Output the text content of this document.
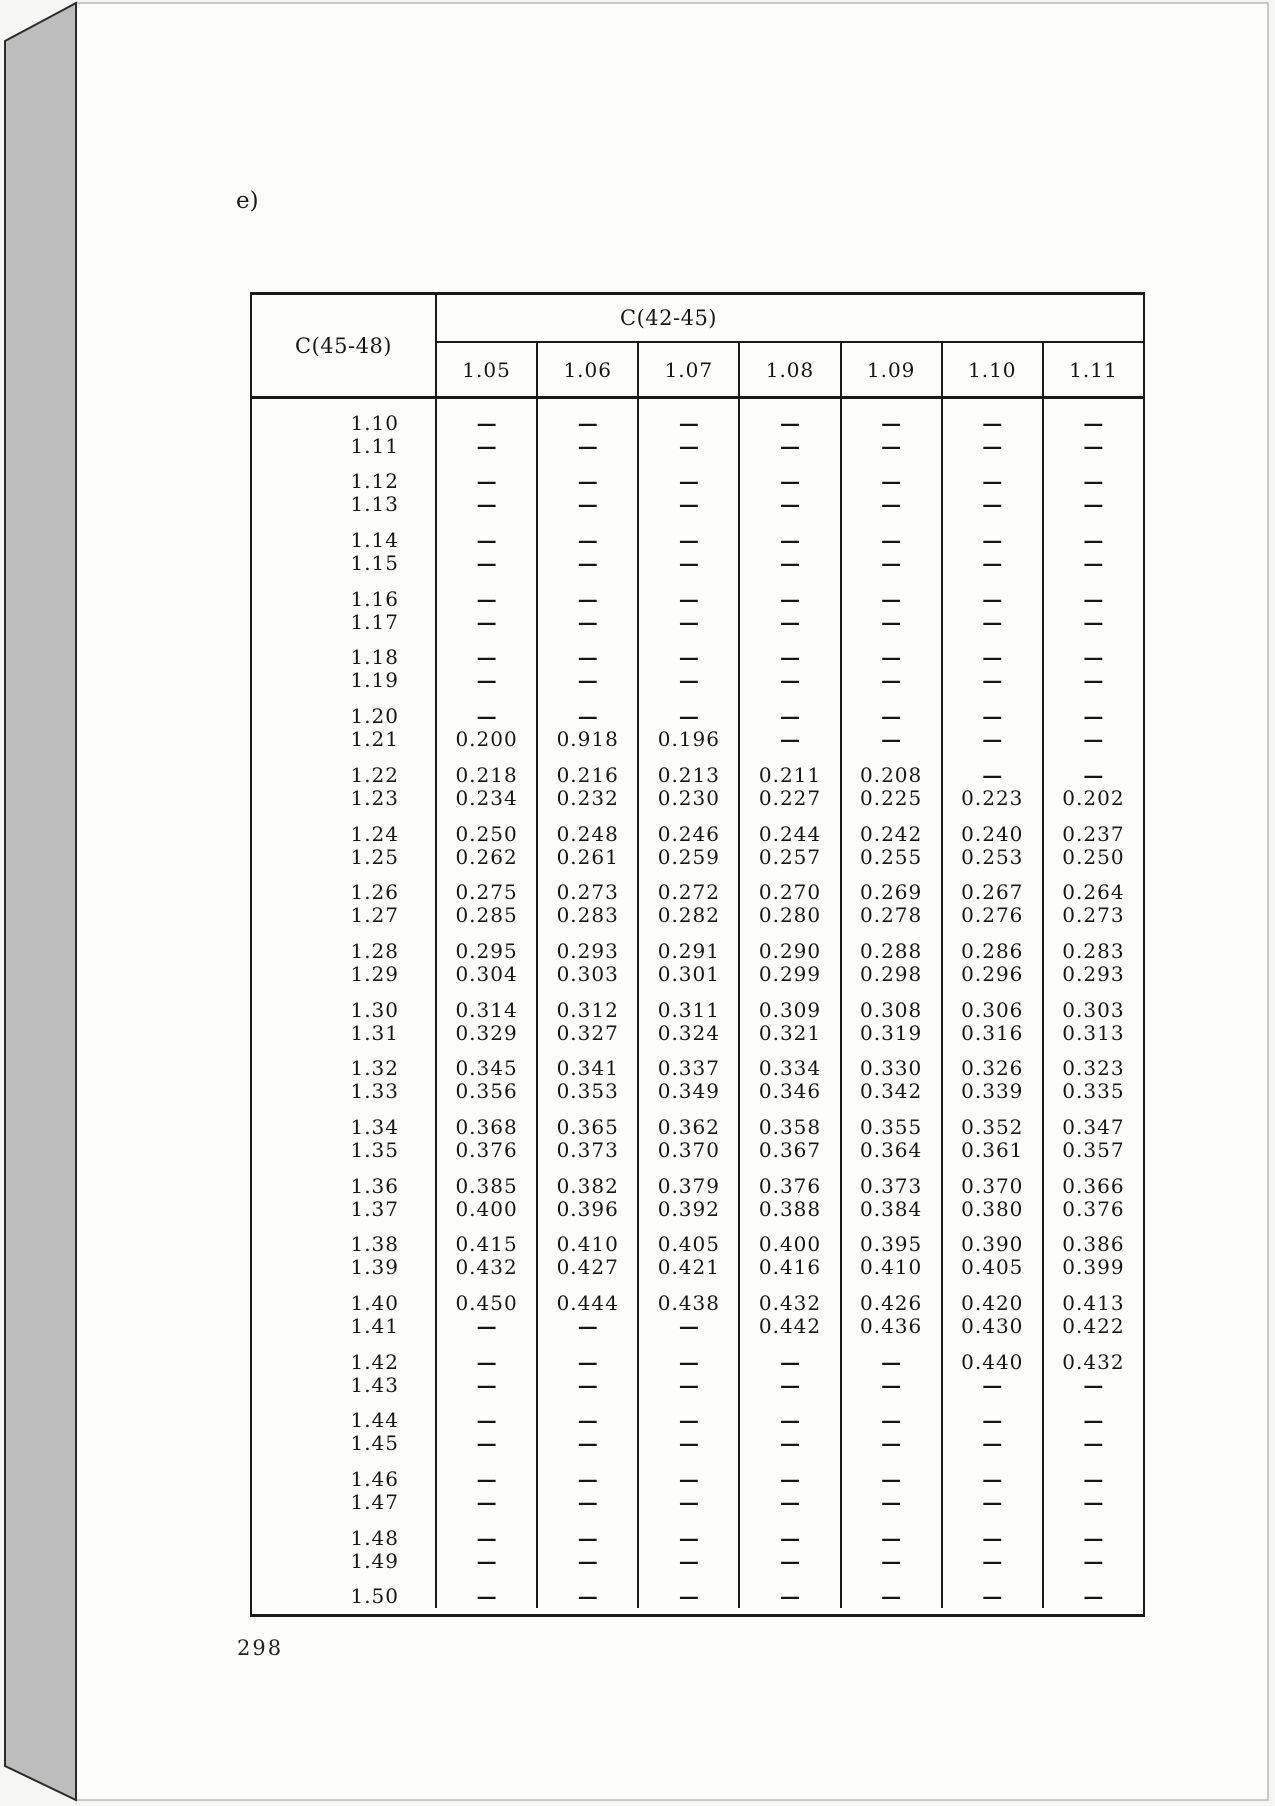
e)
C(45-48)
C(42-45)
1.05	1.06	1.07	1.08	1.09	1.10	1.11
1.10	—	—	—	—	—	—	—
1.11	—	—	—	—	—	—	—
1.12	—	—	—	—	—	—	—
1.13	—	—	—	—	—	—	—
1.14	—	—	—	—	—	—	—
1.15	—	—	—	—	—	—	—
1.16	—	—	—	—	—	—	—
1.17	—	—	—	—	—	—	—
1.18	—	—	—	—	—	—	—
1.19	—	—	—	—	—	—	—
1.20	—	—	—	—	—	—	—
1.21	0.200 0.918 0.196	—	—	—	—
1.22	0.218 0.216 0.213 0.211 0.208	—	—
1.23	0.234 0.232 0.230 0.227 0.225 0.223 0.202
1.24	0.250 0.248 0.246 0.244 0.242 0.240 0.237
1.25	0.262 0.261 0.259 0.257 0.255 0.253 0.250
1.26	0.275 0.273 0.272 0.270 0.269 0.267 0.264
1.27	0.285 0.283 0.282 0.280 0.278 0.276 0.273
1.28	0.295 0.293 0.291 0.290 0.288 0.286 0.283
1.29	0.304 0.303 0.301 0.299 0.298 0.296 0.293
1.30	0.314 0.312 0.311 0.309 0.308 0.306 0.303
1.31	0.329 0.327 0.324 0.321 0.319 0.316 0.313
1.32	0.345 0.341 0.337 0.334 0.330 0.326 0.323
1.33	0.356 0.353 0.349 0.346 0.342 0.339 0.335
1.34	0.368 0.365 0.362 0.358 0.355 0.352 0.347
1.35	0.376 0.373 0.370 0.367 0.364 0.361 0.357
1.36	0.385 0.382 0.379 0.376 0.373 0.370 0.366
1.37	0.400 0.396 0.392 0.388 0.384 0.380 0.376
1.38	0.415 0.410 0.405 0.400 0.395 0.390 0.386
1.39	0.432 0.427 0.421 0.416 0.410 0.405 0.399
1.40	0.450 0.444 0.438 0.432 0.426 0.420 0.413
1.41	—	—	—	0.442 0.436 0.430 0.422
1.42	—	—	—	—	—	0.440 0.432
1.43	—	—	—	—	—	—	—
1.44	—	—	—	—	—	—	—
1.45	—	—	—	—	—	—	—
1.46	—	—	—	—	—	—	—
1.47	—	—	—	—	—	—	—
1.48	—	—	—	—	—	—	—
1.49	—	—	—	—	—	—	—
1.50	—	—	—	—	—	—	—
298
